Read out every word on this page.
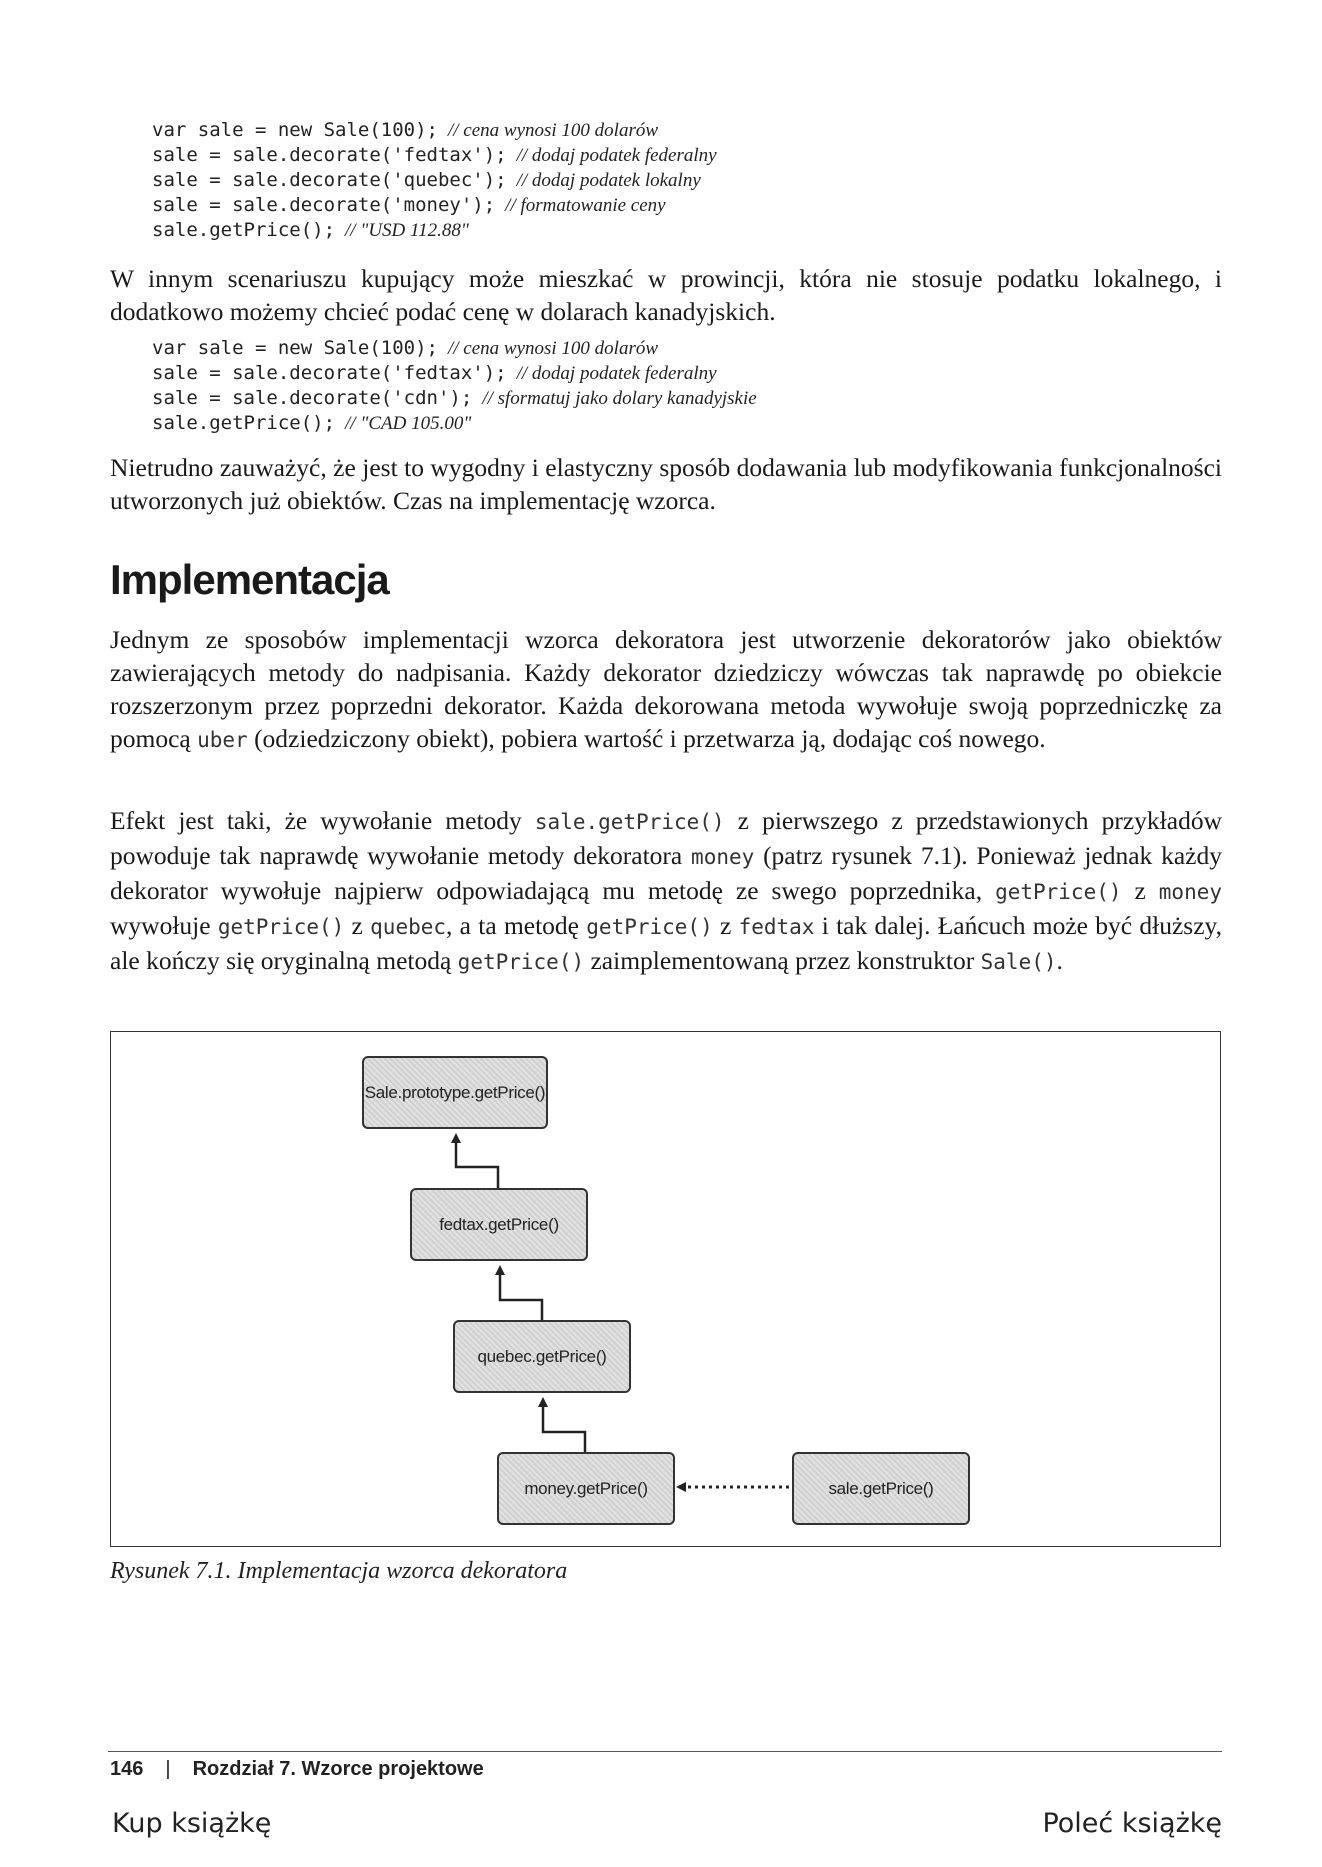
var sale = new Sale(100); // cena wynosi 100 dolarów
sale = sale.decorate('fedtax'); // dodaj podatek federalny
sale = sale.decorate('quebec'); // dodaj podatek lokalny
sale = sale.decorate('money'); // formatowanie ceny
sale.getPrice(); // "USD 112.88"

W innym scenariuszu kupujący może mieszkać w prowincji, która nie stosuje podatku lokalnego, i dodatkowo możemy chcieć podać cenę w dolarach kanadyjskich.

var sale = new Sale(100); // cena wynosi 100 dolarów
sale = sale.decorate('fedtax'); // dodaj podatek federalny
sale = sale.decorate('cdn'); // sformatuj jako dolary kanadyjskie
sale.getPrice(); // "CAD 105.00"

Nietrudno zauważyć, że jest to wygodny i elastyczny sposób dodawania lub modyfikowania funkcjonalności utworzonych już obiektów. Czas na implementację wzorca.

Implementacja

Jednym ze sposobów implementacji wzorca dekoratora jest utworzenie dekoratorów jako obiektów zawierających metody do nadpisania. Każdy dekorator dziedziczy wówczas tak naprawdę po obiekcie rozszerzonym przez poprzedni dekorator. Każda dekorowana metoda wywołuje swoją poprzedniczkę za pomocą uber (odziedziczony obiekt), pobiera wartość i przetwarza ją, dodając coś nowego.

Efekt jest taki, że wywołanie metody sale.getPrice() z pierwszego z przedstawionych przykładów powoduje tak naprawdę wywołanie metody dekoratora money (patrz rysunek 7.1). Ponieważ jednak każdy dekorator wywołuje najpierw odpowiadającą mu metodę ze swego poprzednika, getPrice() z money wywołuje getPrice() z quebec, a ta metodę getPrice() z fedtax i tak dalej. Łańcuch może być dłuższy, ale kończy się oryginalną metodą getPrice() zaimplementowaną przez konstruktor Sale().

Sale.prototype.getPrice()
fedtax.getPrice()
quebec.getPrice()
money.getPrice()	sale.getPrice()

Rysunek 7.1. Implementacja wzorca dekoratora

146 | Rozdział 7. Wzorce projektowe
Kup książkę	Poleć książkę
